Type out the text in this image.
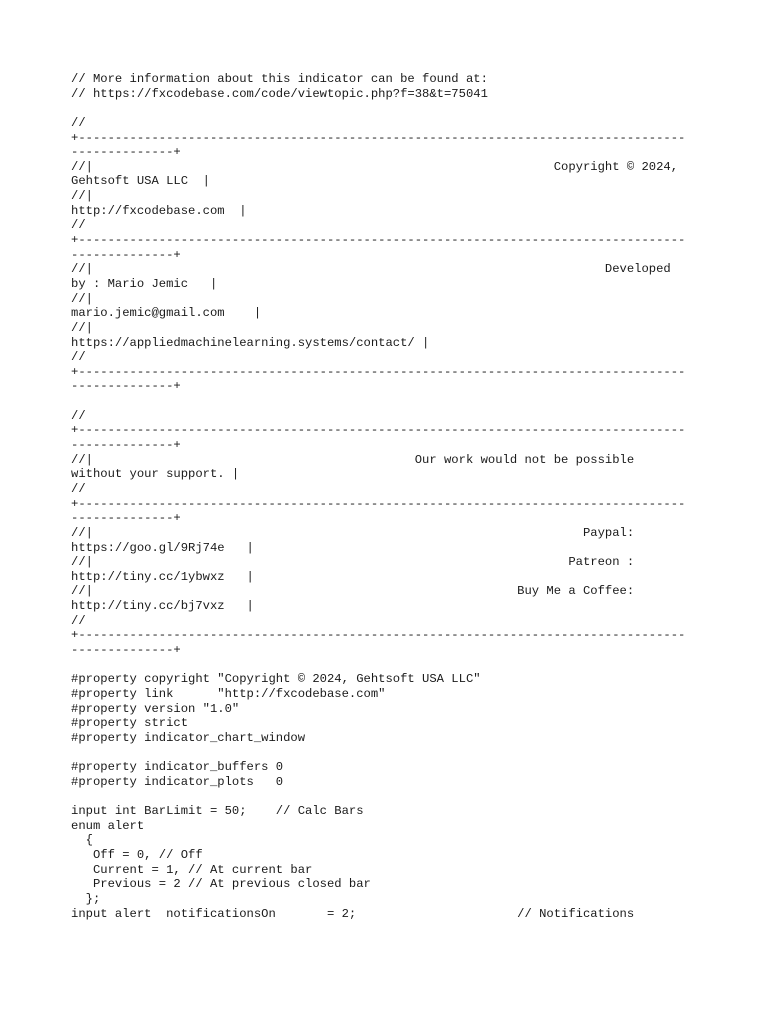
// More information about this indicator can be found at:
// https://fxcodebase.com/code/viewtopic.php?f=38&t=75041
//
+-----------------------------------------------------------------------------------
--------------+
//|                                                               Copyright © 2024,
Gehtsoft USA LLC  |
//|
http://fxcodebase.com  |
//
+-----------------------------------------------------------------------------------
--------------+
//|                                                                      Developed
by : Mario Jemic   |
//|
mario.jemic@gmail.com    |
//|
https://appliedmachinelearning.systems/contact/ |
//
+-----------------------------------------------------------------------------------
--------------+
//
+-----------------------------------------------------------------------------------
--------------+
//|                                            Our work would not be possible
without your support. |
//
+-----------------------------------------------------------------------------------
--------------+
//|                                                                   Paypal:
https://goo.gl/9Rj74e   |
//|                                                                 Patreon :
http://tiny.cc/1ybwxz   |
//|                                                          Buy Me a Coffee:
http://tiny.cc/bj7vxz   |
//
+-----------------------------------------------------------------------------------
--------------+
#property copyright "Copyright © 2024, Gehtsoft USA LLC"
#property link      "http://fxcodebase.com"
#property version "1.0"
#property strict
#property indicator_chart_window
#property indicator_buffers 0
#property indicator_plots   0
input int BarLimit = 50;    // Calc Bars
enum alert
{
Off = 0, // Off
Current = 1, // At current bar
Previous = 2 // At previous closed bar
};
input alert  notificationsOn       = 2;                      // Notifications
